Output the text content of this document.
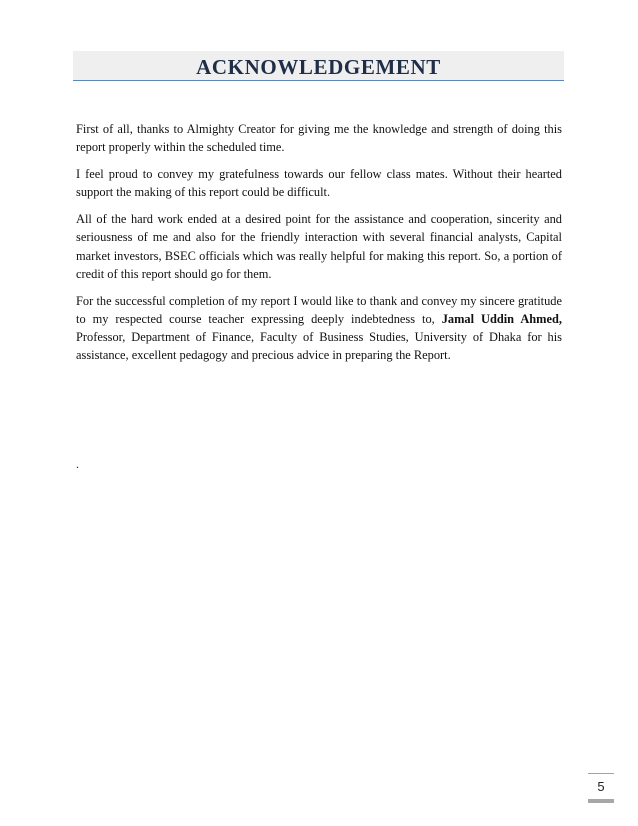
ACKNOWLEDGEMENT

First of all, thanks to Almighty Creator for giving me the knowledge and strength of doing this report properly within the scheduled time.

I feel proud to convey my gratefulness towards our fellow class mates. Without their hearted support the making of this report could be difficult.

All of the hard work ended at a desired point for the assistance and cooperation, sincerity and seriousness of me and also for the friendly interaction with several financial analysts, Capital market investors, BSEC officials which was really helpful for making this report. So, a portion of credit of this report should go for them.

For the successful completion of my report I would like to thank and convey my sincere gratitude to my respected course teacher expressing deeply indebtedness to, Jamal Uddin Ahmed, Professor, Department of Finance, Faculty of Business Studies, University of Dhaka for his assistance, excellent pedagogy and precious advice in preparing the Report.

.
5
